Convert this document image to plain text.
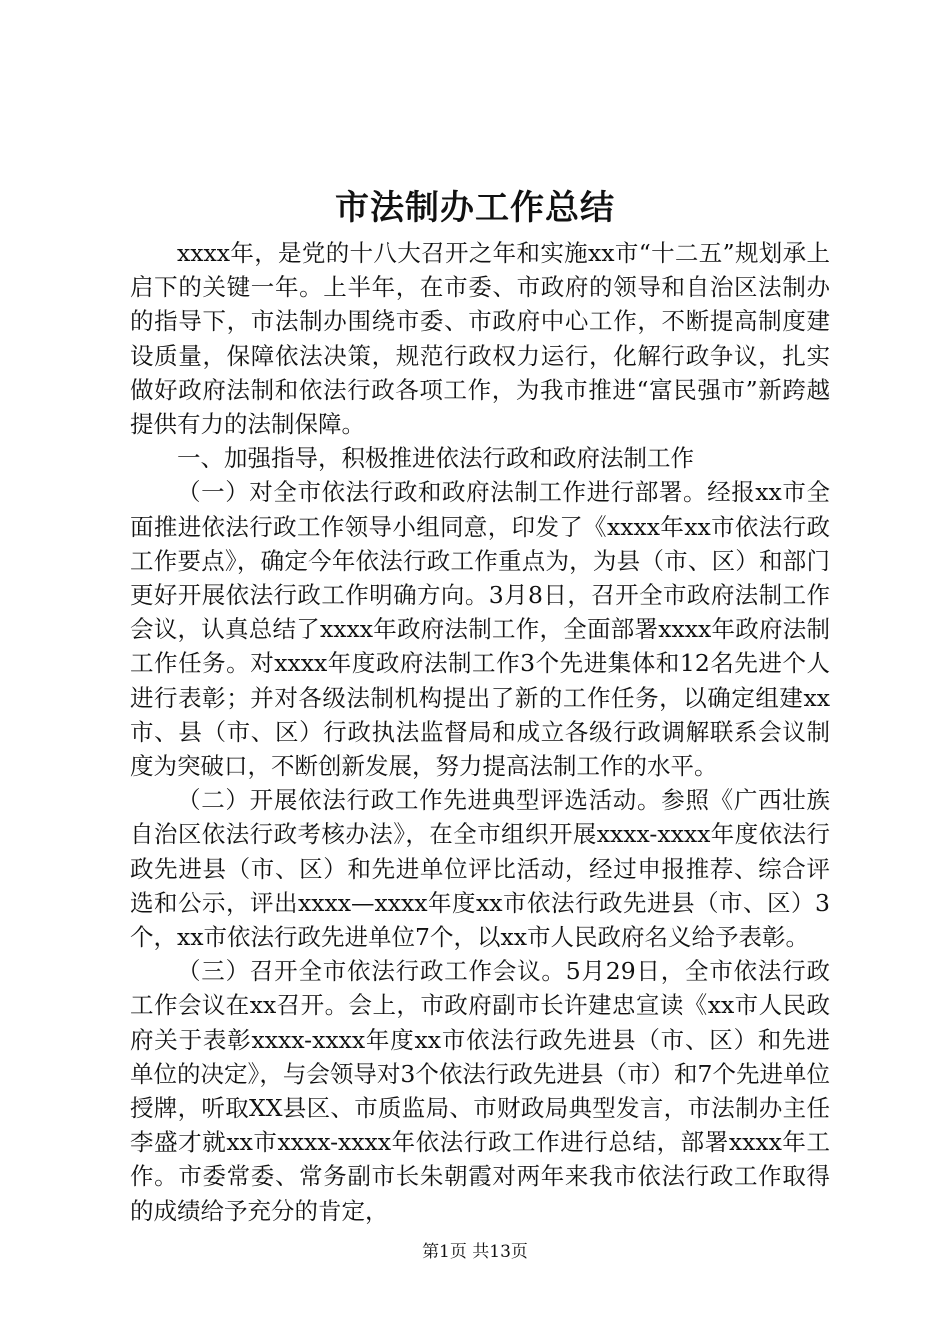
市法制办工作总结

xxxx年，是党的十八大召开之年和实施xx市“十二五”规划承上启下的关键一年。上半年，在市委、市政府的领导和自治区法制办的指导下，市法制办围绕市委、市政府中心工作，不断提高制度建设质量，保障依法决策，规范行政权力运行，化解行政争议，扎实做好政府法制和依法行政各项工作，为我市推进“富民强市”新跨越提供有力的法制保障。

一、加强指导，积极推进依法行政和政府法制工作

（一）对全市依法行政和政府法制工作进行部署。经报xx市全面推进依法行政工作领导小组同意，印发了《xxxx年xx市依法行政工作要点》，确定今年依法行政工作重点为，为县（市、区）和部门更好开展依法行政工作明确方向。3月8日，召开全市政府法制工作会议，认真总结了xxxx年政府法制工作，全面部署xxxx年政府法制工作任务。对xxxx年度政府法制工作3个先进集体和12名先进个人进行表彰；并对各级法制机构提出了新的工作任务，以确定组建xx市、县（市、区）行政执法监督局和成立各级行政调解联系会议制度为突破口，不断创新发展，努力提高法制工作的水平。

（二）开展依法行政工作先进典型评选活动。参照《广西壮族自治区依法行政考核办法》，在全市组织开展xxxx-xxxx年度依法行政先进县（市、区）和先进单位评比活动，经过申报推荐、综合评选和公示，评出xxxx—xxxx年度xx市依法行政先进县（市、区）3个，xx市依法行政先进单位7个，以xx市人民政府名义给予表彰。

（三）召开全市依法行政工作会议。5月29日，全市依法行政工作会议在xx召开。会上，市政府副市长许建忠宣读《xx市人民政府关于表彰xxxx-xxxx年度xx市依法行政先进县（市、区）和先进单位的决定》，与会领导对3个依法行政先进县（市）和7个先进单位授牌，听取XX县区、市质监局、市财政局典型发言，市法制办主任李盛才就xx市xxxx-xxxx年依法行政工作进行总结，部署xxxx年工作。市委常委、常务副市长朱朝霞对两年来我市依法行政工作取得的成绩给予充分的肯定，

第1页 共13页
